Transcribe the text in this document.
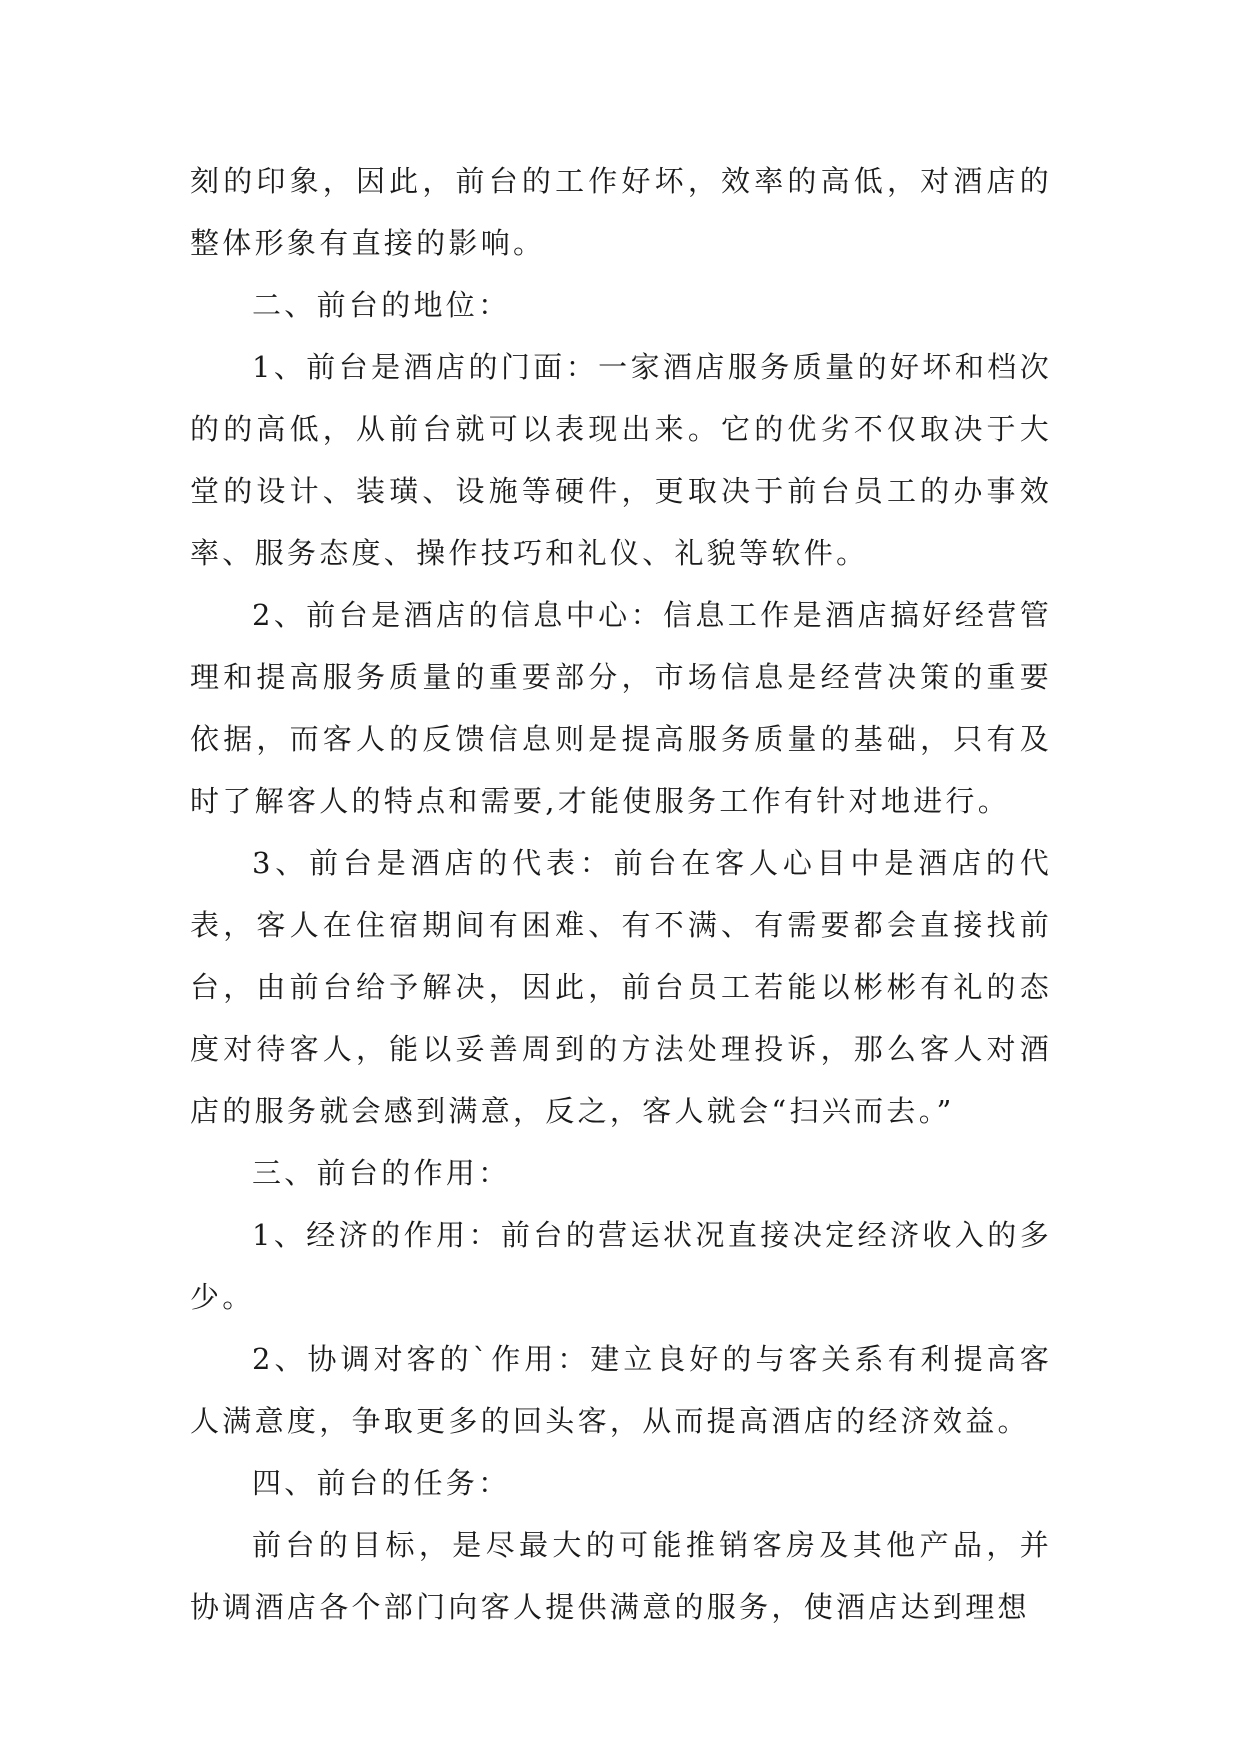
刻的印象，因此，前台的工作好坏，效率的高低，对酒店的整体形象有直接的影响。

二、前台的地位：

1、前台是酒店的门面：一家酒店服务质量的好坏和档次的的高低，从前台就可以表现出来。它的优劣不仅取决于大堂的设计、装璜、设施等硬件，更取决于前台员工的办事效率、服务态度、操作技巧和礼仪、礼貌等软件。

2、前台是酒店的信息中心：信息工作是酒店搞好经营管理和提高服务质量的重要部分，市场信息是经营决策的重要依据，而客人的反馈信息则是提高服务质量的基础，只有及时了解客人的特点和需要,才能使服务工作有针对地进行。

3、前台是酒店的代表：前台在客人心目中是酒店的代表，客人在住宿期间有困难、有不满、有需要都会直接找前台，由前台给予解决，因此，前台员工若能以彬彬有礼的态度对待客人，能以妥善周到的方法处理投诉，那么客人对酒店的服务就会感到满意，反之，客人就会“扫兴而去。”

三、前台的作用：

1、经济的作用：前台的营运状况直接决定经济收入的多少。

2、协调对客的`作用：建立良好的与客关系有利提高客人满意度，争取更多的回头客，从而提高酒店的经济效益。

四、前台的任务：

前台的目标，是尽最大的可能推销客房及其他产品，并协调酒店各个部门向客人提供满意的服务，使酒店达到理想
